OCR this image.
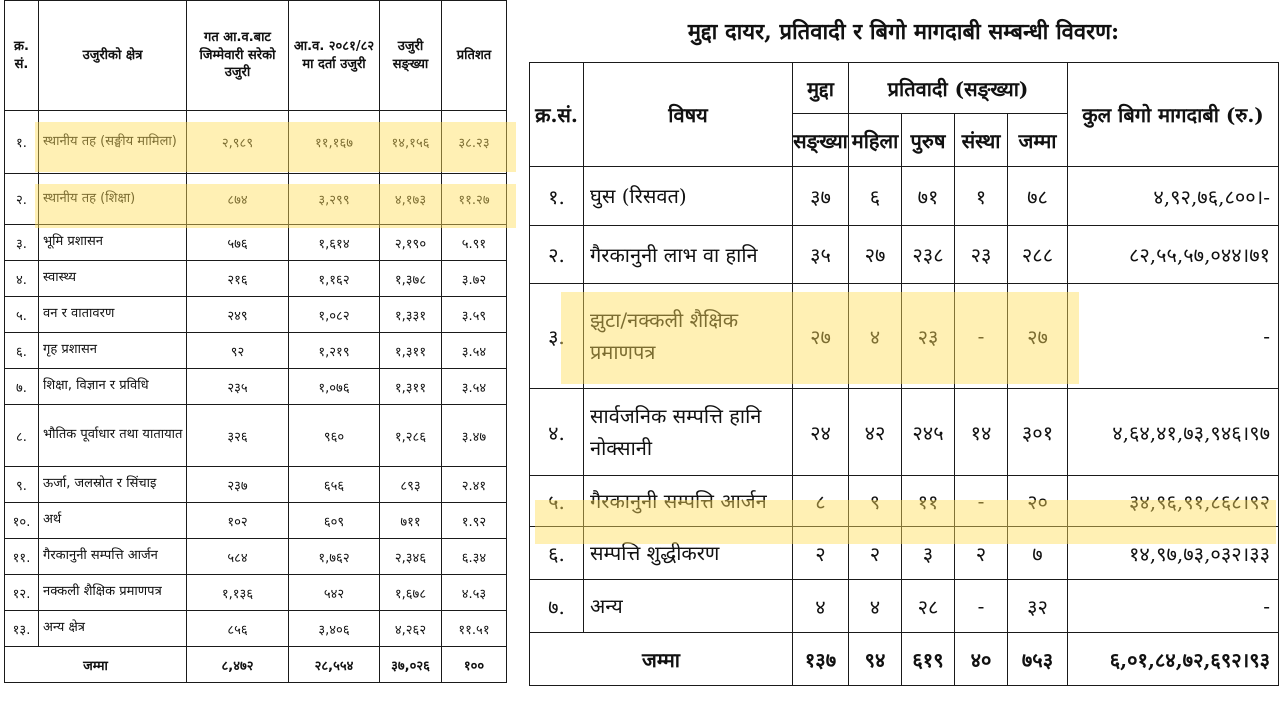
क्र. सं.	उजुरीको क्षेत्र	गत आ.व.बाट जिम्मेवारी सरेको उजुरी	आ.व. २०८१/८२ मा दर्ता उजुरी	उजुरी सङ्ख्या	प्रतिशत
१.	स्थानीय तह (सङ्घीय मामिला)	२,९८९	११,१६७	१४,१५६	३८.२३
२.	स्थानीय तह (शिक्षा)	८७४	३,२९९	४,१७३	११.२७
३.	भूमि प्रशासन	५७६	१,६१४	२,१९०	५.९१
४.	स्वास्थ्य	२१६	१,१६२	१,३७८	३.७२
५.	वन र वातावरण	२४९	१,०८२	१,३३१	३.५९
६.	गृह प्रशासन	९२	१,२१९	१,३११	३.५४
७.	शिक्षा, विज्ञान र प्रविधि	२३५	१,०७६	१,३११	३.५४
८.	भौतिक पूर्वाधार तथा यातायात	३२६	९६०	१,२८६	३.४७
९.	ऊर्जा, जलस्रोत र सिंचाइ	२३७	६५६	८९३	२.४१
१०.	अर्थ	१०२	६०९	७११	१.९२
११.	गैरकानुनी सम्पत्ति आर्जन	५८४	१,७६२	२,३४६	६.३४
१२.	नक्कली शैक्षिक प्रमाणपत्र	१,१३६	५४२	१,६७८	४.५३
१३.	अन्य क्षेत्र	८५६	३,४०६	४,२६२	११.५१
जम्मा		८,४७२	२८,५५४	३७,०२६	१००
मुद्दा दायर, प्रतिवादी र बिगो मागदाबी सम्बन्धी विवरण:
क्र.सं.	विषय	मुद्दा	प्रतिवादी (सङ्ख्या)				कुल बिगो मागदाबी (रु.)
		सङ्ख्या	महिला	पुरुष	संस्था	जम्मा	
१.	घुस (रिसवत)	३७	६	७१	१	७८	४,९२,७६,८००।-
२.	गैरकानुनी लाभ वा हानि	३५	२७	२३८	२३	२८८	८२,५५,५७,०४४।७१
३.	झुटा/नक्कली शैक्षिक प्रमाणपत्र	२७	४	२३	-	२७	-
४.	सार्वजनिक सम्पत्ति हानि नोक्सानी	२४	४२	२४५	१४	३०१	४,६४,४१,७३,९४६।९७
५.	गैरकानुनी सम्पत्ति आर्जन	८	९	११	-	२०	३४,९६,९१,८६८।९२
६.	सम्पत्ति शुद्धीकरण	२	२	३	२	७	१४,९७,७३,०३२।३३
७.	अन्य	४	४	२८	-	३२	-
जम्मा		१३७	९४	६१९	४०	७५३	६,०१,८४,७२,६९२।९३
